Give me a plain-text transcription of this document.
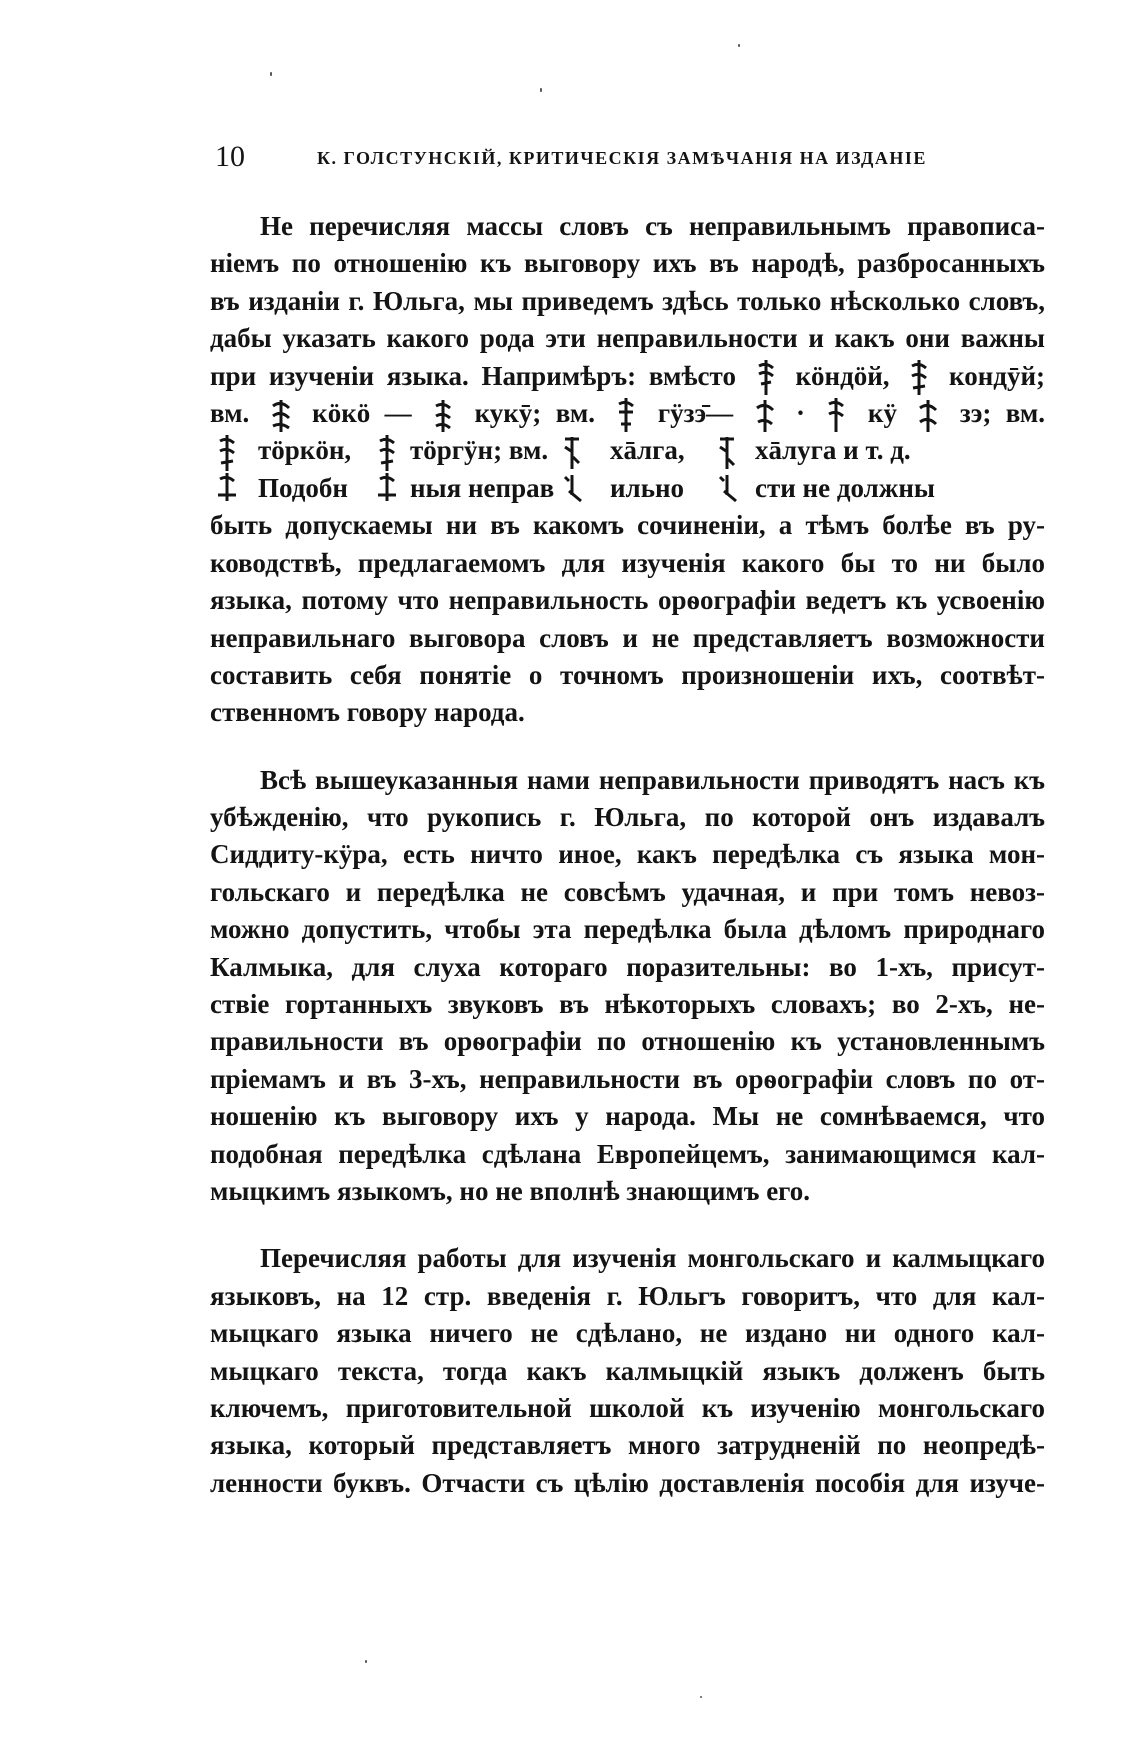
10	К. ГОЛСТУНСКІЙ, КРИТИЧЕСКІЯ ЗАМѢЧАНІЯ НА ИЗДАНІЕ
Не перечисляя массы словъ съ неправильнымъ правописа-
ніемъ по отношенію къ выговору ихъ въ народѣ, разбросанныхъ
въ изданіи г. Юльга, мы приведемъ здѣсь только нѣсколько словъ,
дабы указать какого рода эти неправильности и какъ они важны
при изученіи языка. Напримѣръ: вмѣсто кöндöй, кондӯй;
вм. кöкö — кукӯ; вм. гӱзэ̄— · кӱ зэ; вм.
тöркöн, тöргӱн; вм. хāлга,	хāлуга и т. д.
Подобн ныя неправ ильно	сти не должны
быть допускаемы ни въ какомъ сочиненіи, а тѣмъ болѣе въ ру-
ководствѣ, предлагаемомъ для изученія какого бы то ни было
языка, потому что неправильность орѳографіи ведетъ къ усвоенію
неправильнаго выговора словъ и не представляетъ возможности
составить себя понятіе о точномъ произношеніи ихъ, соотвѣт-
ственномъ говору народа.
Всѣ вышеуказанныя нами неправильности приводятъ насъ къ
убѣжденію, что рукопись г. Юльга, по которой онъ издавалъ
Сиддиту-кӱра, есть ничто иное, какъ передѣлка съ языка мон-
гольскаго и передѣлка не совсѣмъ удачная, и при томъ невоз-
можно допустить, чтобы эта передѣлка была дѣломъ природнаго
Калмыка, для слуха котораго поразительны: во 1-хъ, присут-
ствіе гортанныхъ звуковъ въ нѣкоторыхъ словахъ; во 2-хъ, не-
правильности въ орѳографіи по отношенію къ установленнымъ
пріемамъ и въ 3-хъ, неправильности въ орѳографіи словъ по от-
ношенію къ выговору ихъ у народа. Мы не сомнѣваемся, что
подобная передѣлка сдѣлана Европейцемъ, занимающимся кал-
мыцкимъ языкомъ, но не вполнѣ знающимъ его.
Перечисляя работы для изученія монгольскаго и калмыцкаго
языковъ, на 12 стр. введенія г. Юльгъ говоритъ, что для кал-
мыцкаго языка ничего не сдѣлано, не издано ни одного кал-
мыцкаго текста, тогда какъ калмыцкій языкъ долженъ быть
ключемъ, приготовительной школой къ изученію монгольскаго
языка, который представляетъ много затрудненій по неопредѣ-
ленности буквъ. Отчасти съ цѣлію доставленія пособія для изуче-
